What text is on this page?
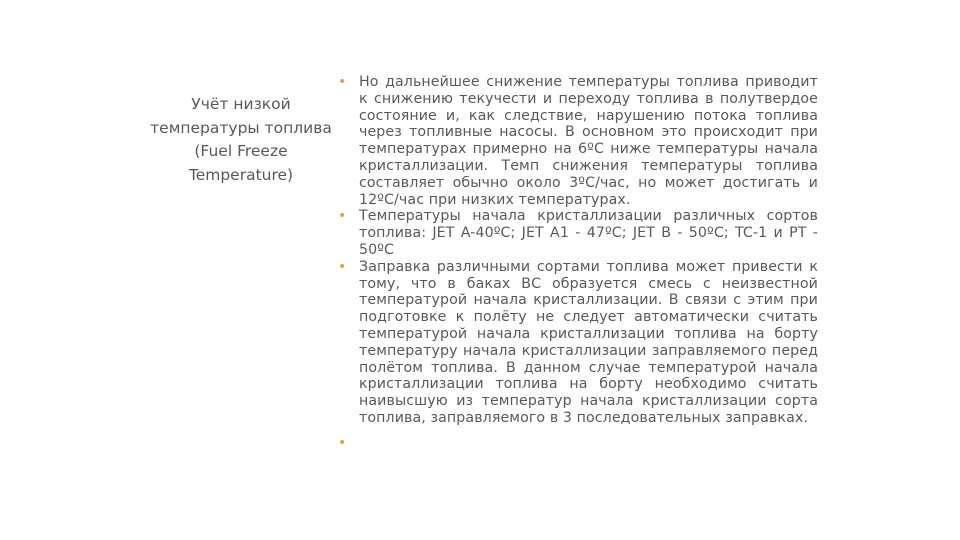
Учёт низкой
температуры топлива
(Fuel Freeze
Temperature)
• Но дальнейшее снижение температуры топлива приводит к снижению текучести и переходу топлива в полутвердое состояние и, как следствие, нарушению потока топлива через топливные насосы. В основном это происходит при температурах примерно на 6ºС ниже температуры начала кристаллизации. Темп снижения температуры топлива составляет обычно около 3ºС/час, но может достигать и 12ºС/час при низких температурах.
• Температуры начала кристаллизации различных сортов топлива: JET A-40ºC; JET A1 - 47ºC; JET B - 50ºC; TC-1 и PT - 50ºC
• Заправка различными сортами топлива может привести к тому, что в баках ВС образуется смесь с неизвестной температурой начала кристаллизации. В связи с этим при подготовке к полёту не следует автоматически считать температурой начала кристаллизации топлива на борту температуру начала кристаллизации заправляемого перед полётом топлива. В данном случае температурой начала кристаллизации топлива на борту необходимо считать наивысшую из температур начала кристаллизации сорта топлива, заправляемого в 3 последовательных заправках.
•
